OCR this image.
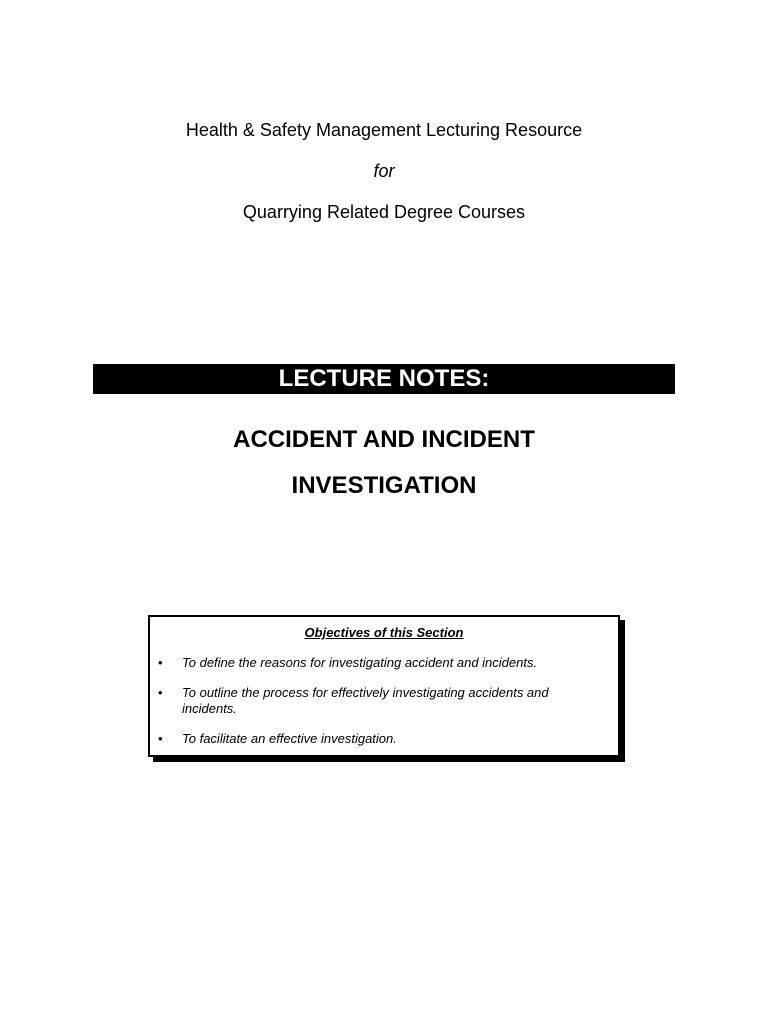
Health & Safety Management Lecturing Resource
for
Quarrying Related Degree Courses
LECTURE NOTES:
ACCIDENT AND INCIDENT
INVESTIGATION
Objectives of this Section
• To define the reasons for investigating accident and incidents.
• To outline the process for effectively investigating accidents and incidents.
• To facilitate an effective investigation.
